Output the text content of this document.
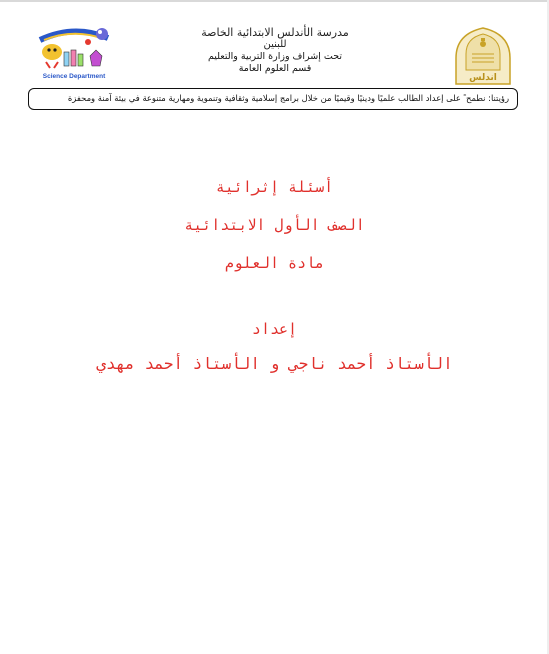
مدرسة الأندلس الابتدائية الخاصة
للبنين
تحت إشراف وزارة التربية والتعليم
قسم العلوم العامة
Science Department	اندلس
رؤيتنا: نطمح ً على إعداد الطالب علميًا ودينيًا وقيميًا من خلال برامج إسلامية وثقافية وتنموية ومهارية متنوعة في بيئة آمنة ومحفزة
أسئلة إثرائية
الصف الأول الابتدائية
مادة العلوم
إعداد
الأستاذ أحمد ناجي و الأستاذ أحمد مهدي
